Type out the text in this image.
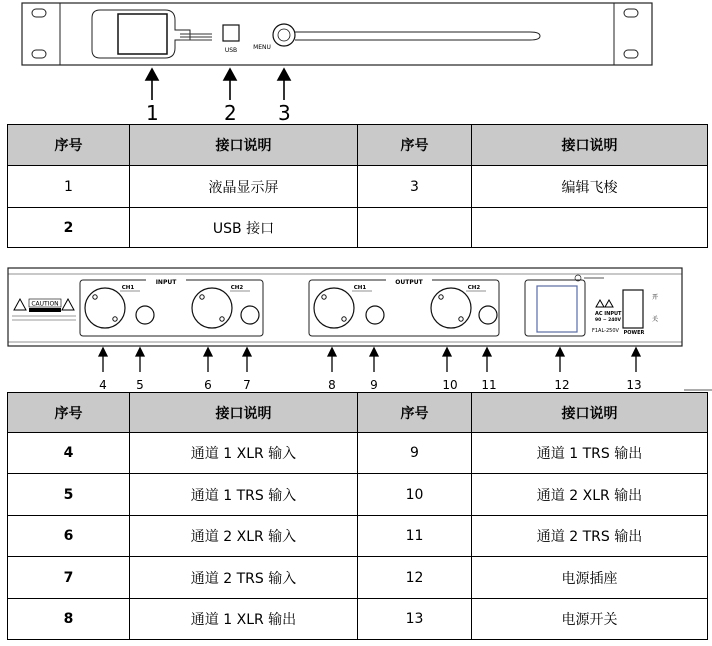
USB	MENU
1	2 3
序号	接口说明	序号	接口说明
1	液晶显示屏	3	编辑飞梭
2	USB 接口		
CAUTION
INPUT
CH1	CH2
OUTPUT
CH1	CH2
AC INPUT
90 ~ 240V
F1AL-250V
开
关
POWER
4 5	6	7	8	9	10 11	12	13
序号	接口说明	序号	接口说明
4	通道 1 XLR 输入	9	通道 1 TRS 输出
5	通道 1 TRS 输入	10	通道 2 XLR 输出
6	通道 2 XLR 输入	11	通道 2 TRS 输出
7	通道 2 TRS 输入	12	电源插座
8	通道 1 XLR 输出	13	电源开关
